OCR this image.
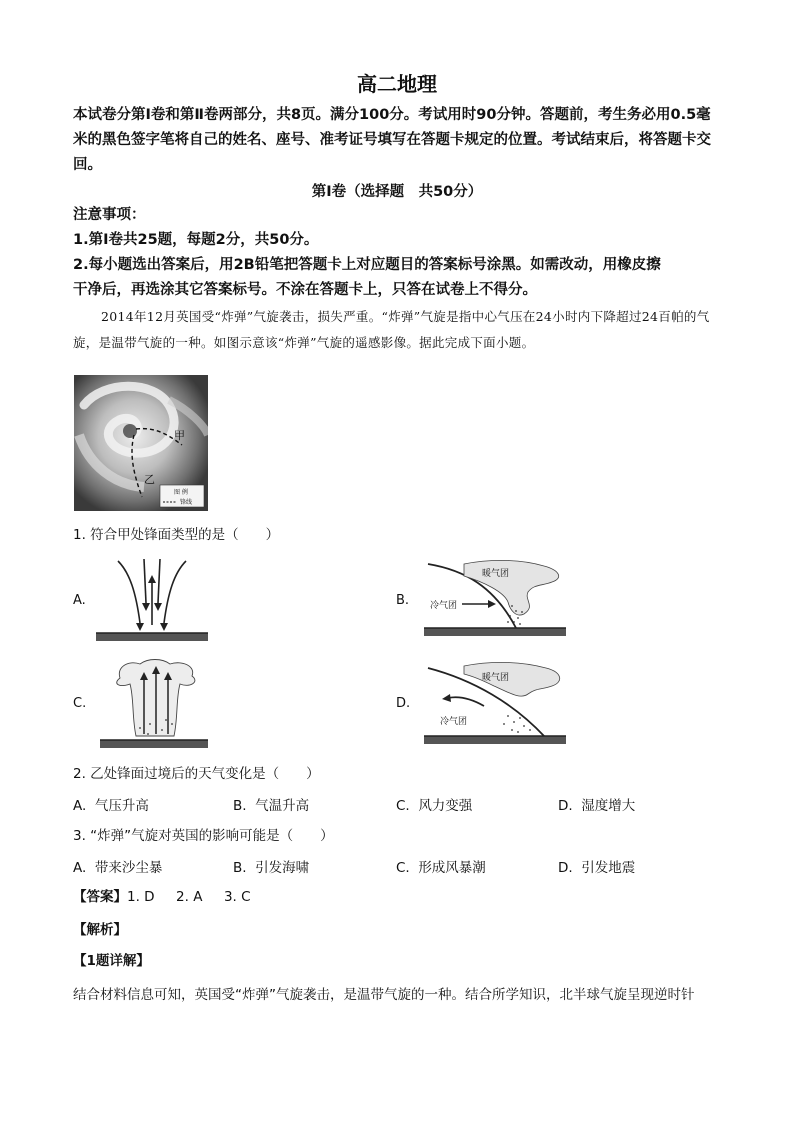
高二地理
本试卷分第Ⅰ卷和第Ⅱ卷两部分，共8页。满分100分。考试用时90分钟。答题前，考生务必用0.5毫米的黑色签字笔将自己的姓名、座号、准考证号填写在答题卡规定的位置。考试结束后，将答题卡交回。
第Ⅰ卷（选择题　共50分）
注意事项：
1.第Ⅰ卷共25题，每题2分，共50分。
2.每小题选出答案后，用2B铅笔把答题卡上对应题目的答案标号涂黑。如需改动，用橡皮擦
干净后，再选涂其它答案标号。不涂在答题卡上，只答在试卷上不得分。
2014年12月英国受“炸弹”气旋袭击，损失严重。“炸弹”气旋是指中心气压在24小时内下降超过24百帕的气旋，是温带气旋的一种。如图示意该“炸弹”气旋的遥感影像。据此完成下面小题。
甲
乙
图 例
锋线
1. 符合甲处锋面类型的是（　　）
A.	B.
暖气团
冷气团
C.	D.
暖气团
冷气团
2. 乙处锋面过境后的天气变化是（　　）
A. 气压升高	B. 气温升高	C. 风力变强	D. 湿度增大
3. “炸弹”气旋对英国的影响可能是（　　）
A. 带来沙尘暴	B. 引发海啸	C. 形成风暴潮	D. 引发地震
【答案】1. D 2. A 3. C
【解析】
【1题详解】
结合材料信息可知，英国受“炸弹”气旋袭击，是温带气旋的一种。结合所学知识，北半球气旋呈现逆时针
